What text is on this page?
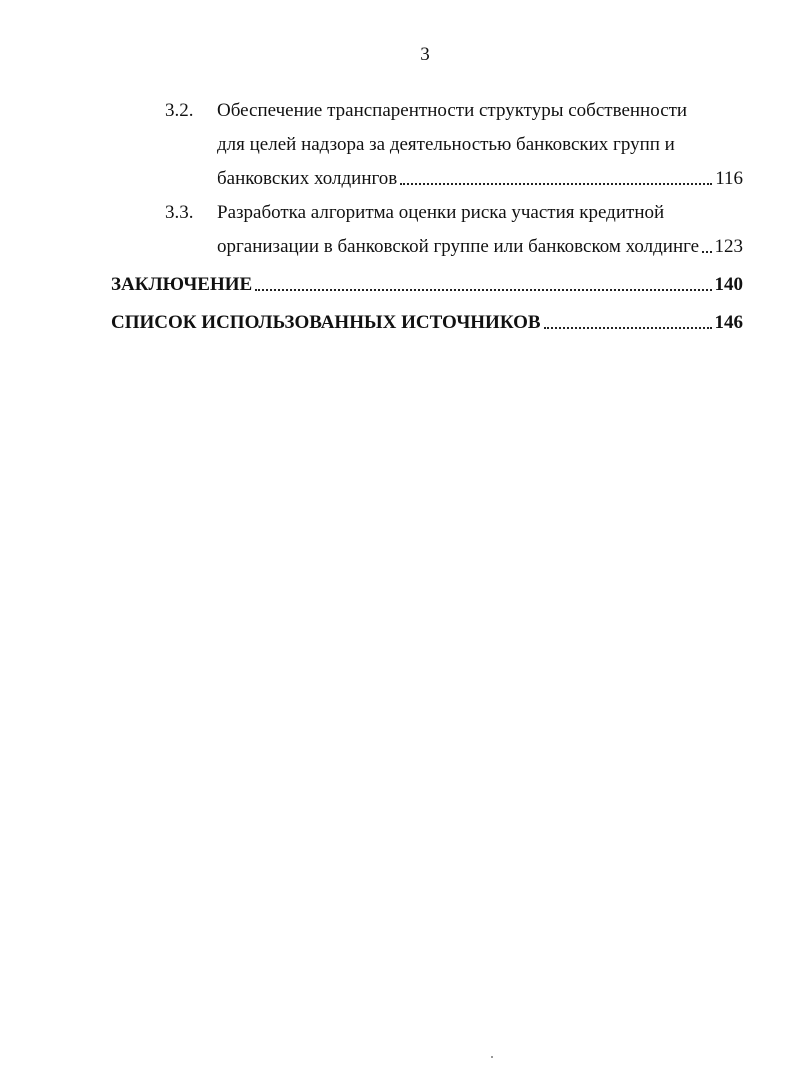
3
3.2. Обеспечение транспарентности структуры собственности
для целей надзора за деятельностью банковских групп и
банковских холдингов	116
3.3. Разработка алгоритма оценки риска участия кредитной
организации в банковской группе или банковском холдинге 123
ЗАКЛЮЧЕНИЕ	140
СПИСОК ИСПОЛЬЗОВАННЫХ ИСТОЧНИКОВ	146
